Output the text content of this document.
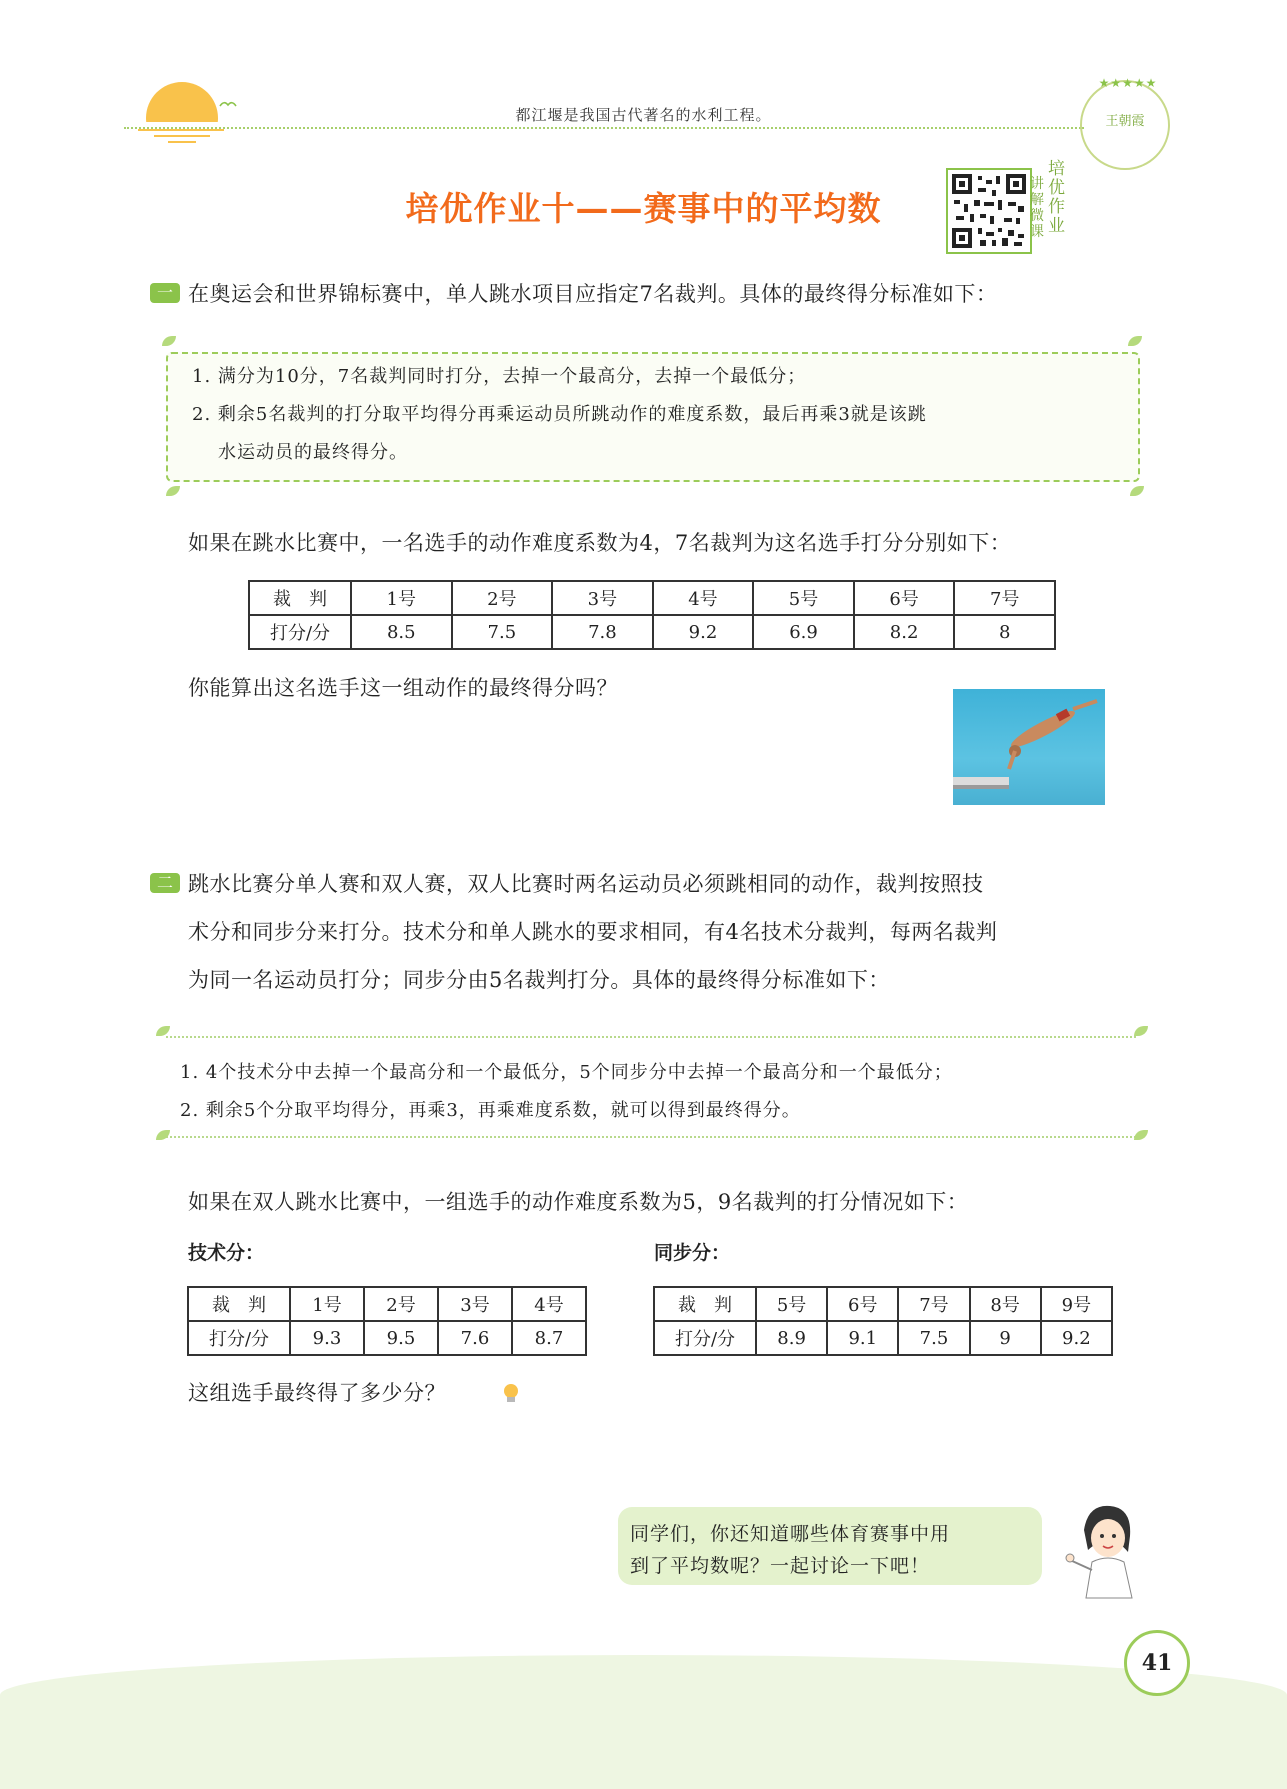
都江堰是我国古代著名的水利工程。
★★★★★
王朝霞
培优作业十——赛事中的平均数
讲解微课
培优作业
一 在奥运会和世界锦标赛中，单人跳水项目应指定7名裁判。具体的最终得分标准如下：
1. 满分为10分，7名裁判同时打分，去掉一个最高分，去掉一个最低分；
2. 剩余5名裁判的打分取平均得分再乘运动员所跳动作的难度系数，最后再乘3就是该跳
水运动员的最终得分。
如果在跳水比赛中，一名选手的动作难度系数为4，7名裁判为这名选手打分分别如下：
裁　判	1号	2号	3号	4号	5号	6号	7号
打分/分	8.5	7.5	7.8	9.2	6.9	8.2	8
你能算出这名选手这一组动作的最终得分吗？
二 跳水比赛分单人赛和双人赛，双人比赛时两名运动员必须跳相同的动作，裁判按照技
术分和同步分来打分。技术分和单人跳水的要求相同，有4名技术分裁判，每两名裁判
为同一名运动员打分；同步分由5名裁判打分。具体的最终得分标准如下：
1. 4个技术分中去掉一个最高分和一个最低分，5个同步分中去掉一个最高分和一个最低分；
2. 剩余5个分取平均得分，再乘3，再乘难度系数，就可以得到最终得分。
如果在双人跳水比赛中，一组选手的动作难度系数为5，9名裁判的打分情况如下：
技术分：	同步分：
裁　判	1号	2号	3号	4号
打分/分	9.3	9.5	7.6	8.7
裁　判	5号	6号	7号	8号	9号
打分/分	8.9	9.1	7.5	9	9.2
这组选手最终得了多少分？
同学们，你还知道哪些体育赛事中用
到了平均数呢？一起讨论一下吧！
41
